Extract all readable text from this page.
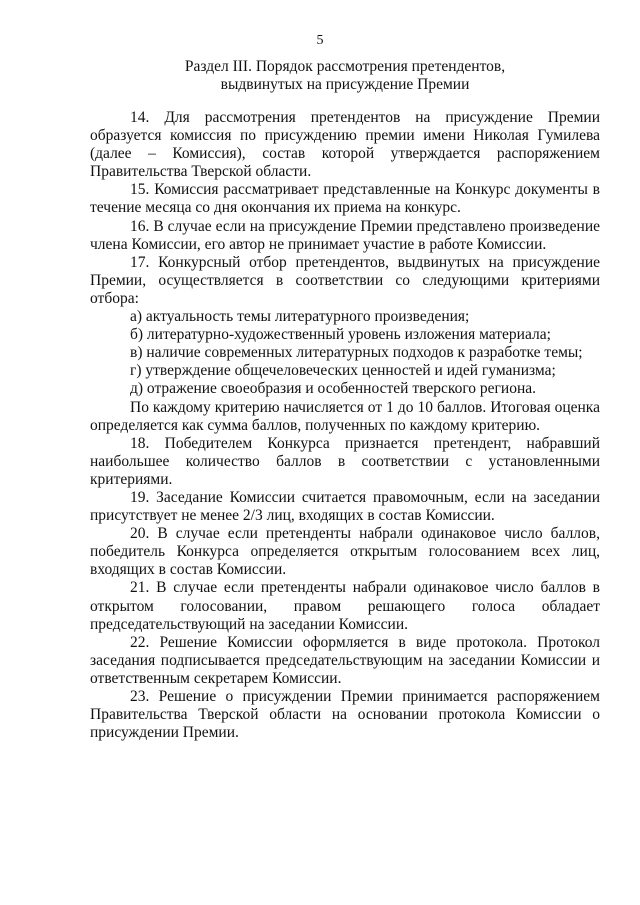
5
Раздел III. Порядок рассмотрения претендентов,
выдвинутых на присуждение Премии

14. Для рассмотрения претендентов на присуждение Премии образуется комиссия по присуждению премии имени Николая Гумилева (далее – Комиссия), состав которой утверждается распоряжением Правительства Тверской области.

15. Комиссия рассматривает представленные на Конкурс документы в течение месяца со дня окончания их приема на конкурс.

16. В случае если на присуждение Премии представлено произведение члена Комиссии, его автор не принимает участие в работе Комиссии.

17. Конкурсный отбор претендентов, выдвинутых на присуждение Премии, осуществляется в соответствии со следующими критериями отбора:

а) актуальность темы литературного произведения;

б) литературно-художественный уровень изложения материала;

в) наличие современных литературных подходов к разработке темы;

г) утверждение общечеловеческих ценностей и идей гуманизма;

д) отражение своеобразия и особенностей тверского региона.

По каждому критерию начисляется от 1 до 10 баллов. Итоговая оценка определяется как сумма баллов, полученных по каждому критерию.

18. Победителем Конкурса признается претендент, набравший наибольшее количество баллов в соответствии с установленными критериями.

19. Заседание Комиссии считается правомочным, если на заседании присутствует не менее 2/3 лиц, входящих в состав Комиссии.

20. В случае если претенденты набрали одинаковое число баллов, победитель Конкурса определяется открытым голосованием всех лиц, входящих в состав Комиссии.

21. В случае если претенденты набрали одинаковое число баллов в открытом голосовании, правом решающего голоса обладает председательствующий на заседании Комиссии.

22. Решение Комиссии оформляется в виде протокола. Протокол заседания подписывается председательствующим на заседании Комиссии и ответственным секретарем Комиссии.

23. Решение о присуждении Премии принимается распоряжением Правительства Тверской области на основании протокола Комиссии о присуждении Премии.
